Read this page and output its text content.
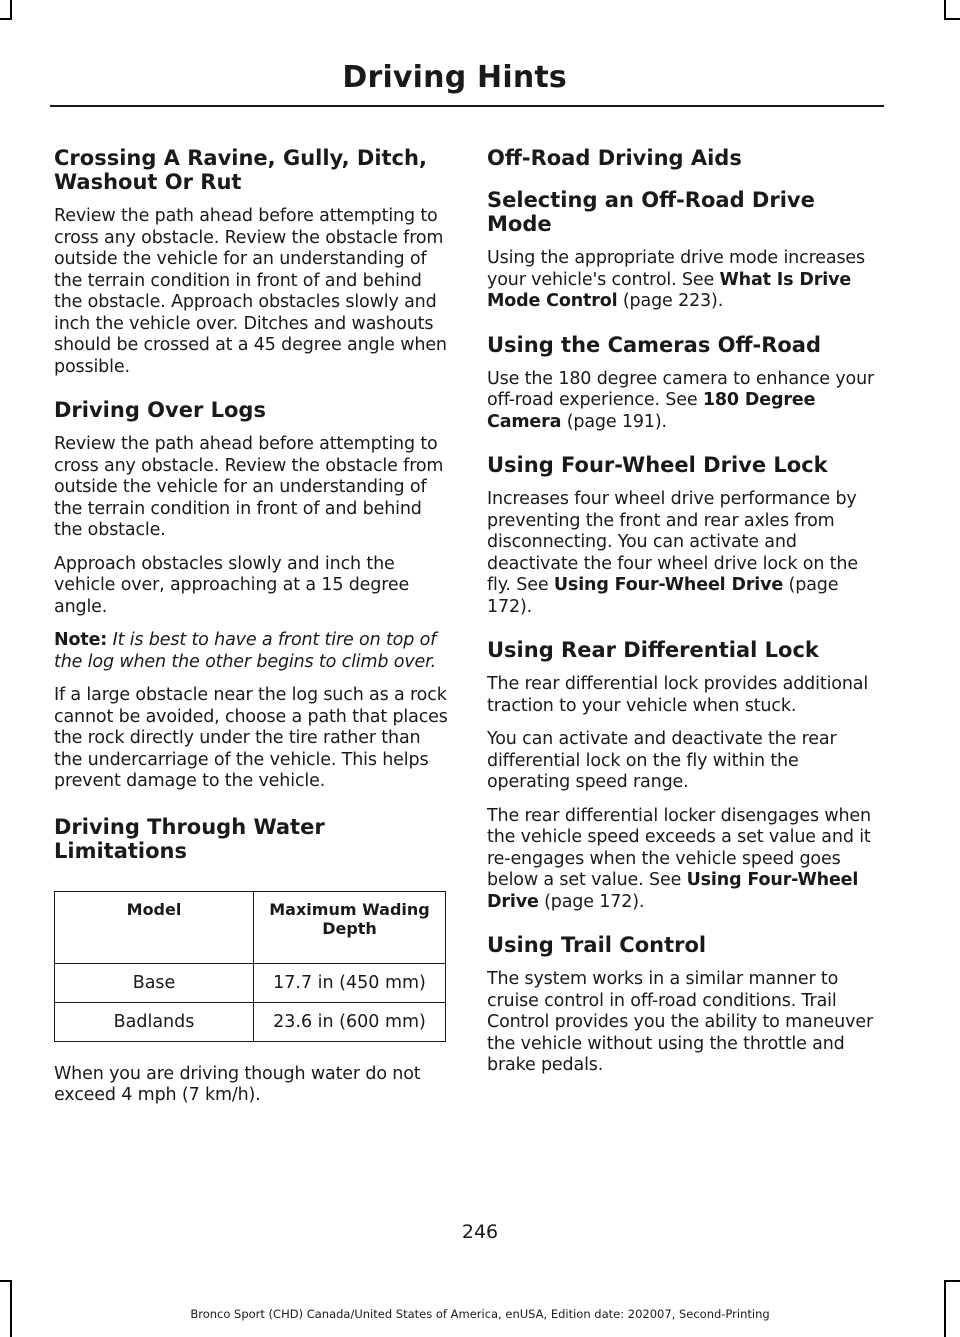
Driving Hints
Crossing A Ravine, Gully, Ditch, Washout Or Rut

Review the path ahead before attempting to cross any obstacle. Review the obstacle from outside the vehicle for an understanding of the terrain condition in front of and behind the obstacle. Approach obstacles slowly and inch the vehicle over. Ditches and washouts should be crossed at a 45 degree angle when possible.

Driving Over Logs

Review the path ahead before attempting to cross any obstacle. Review the obstacle from outside the vehicle for an understanding of the terrain condition in front of and behind the obstacle.

Approach obstacles slowly and inch the vehicle over, approaching at a 15 degree angle.

Note: It is best to have a front tire on top of the log when the other begins to climb over.

If a large obstacle near the log such as a rock cannot be avoided, choose a path that places the rock directly under the tire rather than the undercarriage of the vehicle. This helps prevent damage to the vehicle.

Driving Through Water Limitations
Model	Maximum Wading Depth
Base	17.7 in (450 mm)
Badlands	23.6 in (600 mm)

When you are driving though water do not exceed 4 mph (7 km/h).

Off-Road Driving Aids
Selecting an Off-Road Drive Mode

Using the appropriate drive mode increases your vehicle's control. See What Is Drive Mode Control (page 223).

Using the Cameras Off-Road

Use the 180 degree camera to enhance your off-road experience. See 180 Degree Camera (page 191).

Using Four-Wheel Drive Lock

Increases four wheel drive performance by preventing the front and rear axles from disconnecting. You can activate and deactivate the four wheel drive lock on the fly. See Using Four-Wheel Drive (page 172).

Using Rear Differential Lock

The rear differential lock provides additional traction to your vehicle when stuck.

You can activate and deactivate the rear differential lock on the fly within the operating speed range.

The rear differential locker disengages when the vehicle speed exceeds a set value and it re-engages when the vehicle speed goes below a set value. See Using Four-Wheel Drive (page 172).

Using Trail Control

The system works in a similar manner to cruise control in off-road conditions. Trail Control provides you the ability to maneuver the vehicle without using the throttle and brake pedals.

246
Bronco Sport (CHD) Canada/United States of America, enUSA, Edition date: 202007, Second-Printing
